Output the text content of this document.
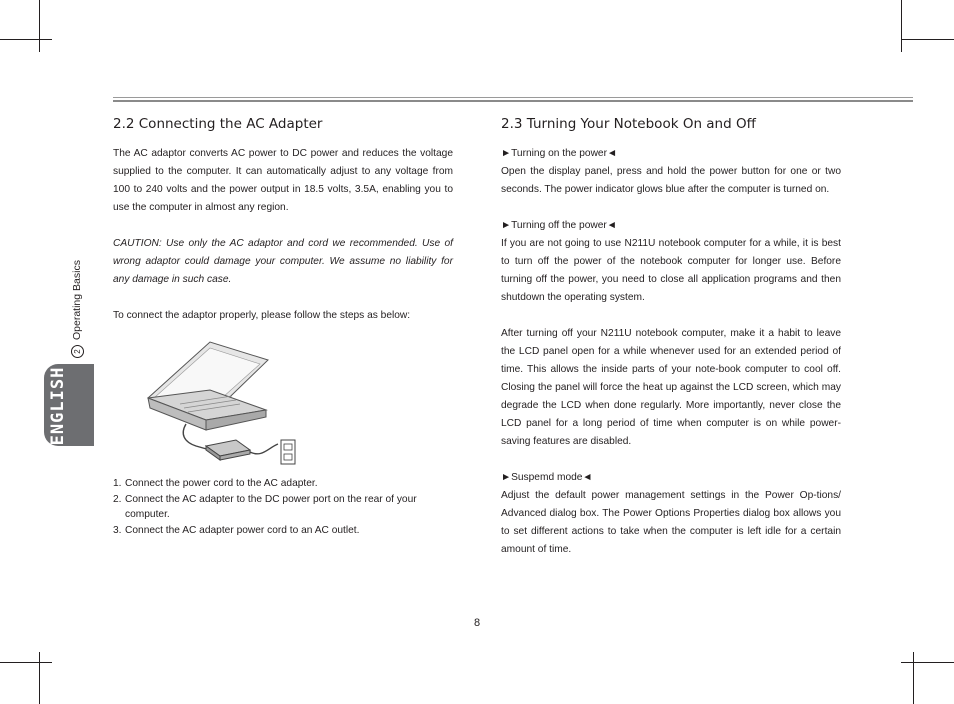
ENGLISH
2Operating Basics
2.2 Connecting the AC Adapter

The AC adaptor converts AC power to DC power and reduces the voltage supplied to the computer. It can automatically adjust to any voltage from 100 to 240 volts and the power output in 18.5 volts, 3.5A, enabling you to use the computer in almost any region.

CAUTION: Use only the AC adaptor and cord we recommended. Use of wrong adaptor could damage your computer. We assume no liability for any damage in such case.

To connect the adaptor properly, please follow the steps as below:

1. Connect the power cord to the AC adapter.
2. Connect the AC adapter to the DC power port on the rear of your computer.
3. Connect the AC adapter power cord to an AC outlet.
2.3 Turning Your Notebook On and Off

►Turning on the power◄

Open the display panel, press and hold the power button for one or two seconds. The power indicator glows blue after the computer is turned on.

►Turning off the power◄

If you are not going to use N211U notebook computer for a while, it is best to turn off the power of the notebook computer for longer use. Before turning off the power, you need to close all application programs and then shutdown the operating system.

After turning off your N211U notebook computer, make it a habit to leave the LCD panel open for a while whenever used for an extended period of time. This allows the inside parts of your note-book computer to cool off. Closing the panel will force the heat up against the LCD screen, which may degrade the LCD when done regularly. More importantly, never close the LCD panel for a long period of time when computer is on while power-saving features are disabled.

►Suspemd mode◄

Adjust the default power management settings in the Power Op-tions/ Advanced dialog box. The Power Options Properties dialog box allows you to set different actions to take when the computer is left idle for a certain amount of time.

8
